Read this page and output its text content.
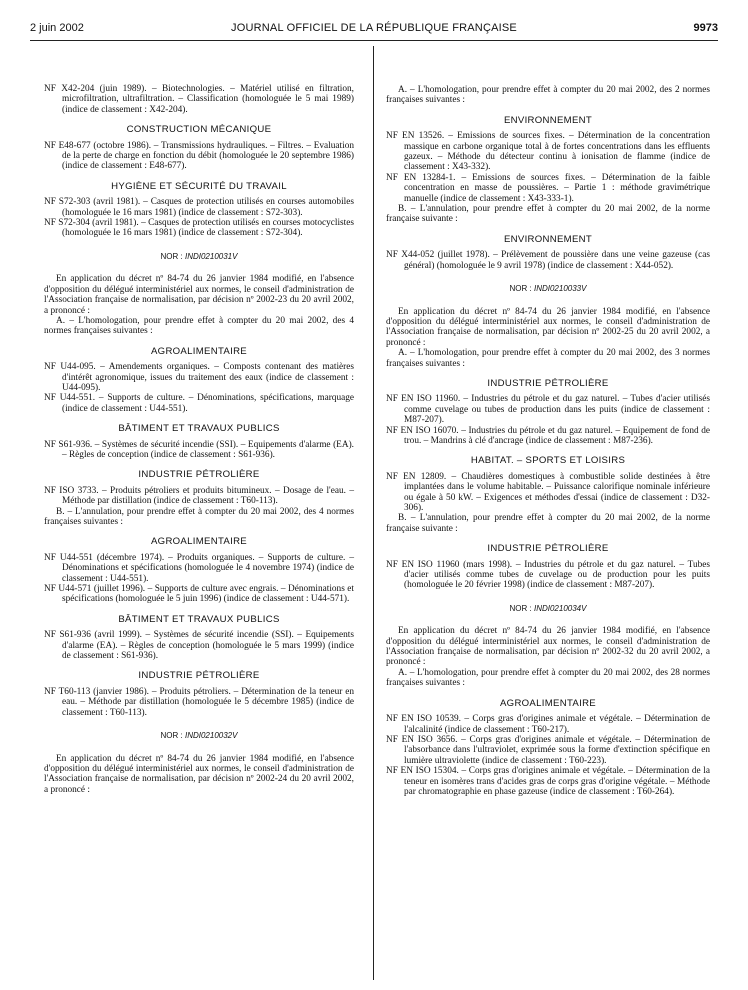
2 juin 2002	JOURNAL OFFICIEL DE LA RÉPUBLIQUE FRANÇAISE	9973

NF X42-204 (juin 1989). – Biotechnologies. – Matériel utilisé en filtration, microfiltration, ultrafiltration. – Classification (homologuée le 5 mai 1989) (indice de classement : X42-204).

CONSTRUCTION MÉCANIQUE

NF E48-677 (octobre 1986). – Transmissions hydrauliques. – Filtres. – Evaluation de la perte de charge en fonction du débit (homologuée le 20 septembre 1986) (indice de classement : E48-677).

HYGIÈNE ET SÉCURITÉ DU TRAVAIL

NF S72-303 (avril 1981). – Casques de protection utilisés en courses automobiles (homologuée le 16 mars 1981) (indice de classement : S72-303).

NF S72-304 (avril 1981). – Casques de protection utilisés en courses motocyclistes (homologuée le 16 mars 1981) (indice de classement : S72-304).

NOR : INDI0210031V

En application du décret nº 84-74 du 26 janvier 1984 modifié, en l'absence d'opposition du délégué interministériel aux normes, le conseil d'administration de l'Association française de normalisation, par décision nº 2002-23 du 20 avril 2002, a prononcé :

A. – L'homologation, pour prendre effet à compter du 20 mai 2002, des 4 normes françaises suivantes :

AGROALIMENTAIRE

NF U44-095. – Amendements organiques. – Composts contenant des matières d'intérêt agronomique, issues du traitement des eaux (indice de classement : U44-095).

NF U44-551. – Supports de culture. – Dénominations, spécifications, marquage (indice de classement : U44-551).

BÂTIMENT ET TRAVAUX PUBLICS

NF S61-936. – Systèmes de sécurité incendie (SSI). – Equipements d'alarme (EA). – Règles de conception (indice de classement : S61-936).

INDUSTRIE PÉTROLIÈRE

NF ISO 3733. – Produits pétroliers et produits bitumineux. – Dosage de l'eau. – Méthode par distillation (indice de classement : T60-113).

B. – L'annulation, pour prendre effet à compter du 20 mai 2002, des 4 normes françaises suivantes :

AGROALIMENTAIRE

NF U44-551 (décembre 1974). – Produits organiques. – Supports de culture. – Dénominations et spécifications (homologuée le 4 novembre 1974) (indice de classement : U44-551).

NF U44-571 (juillet 1996). – Supports de culture avec engrais. – Dénominations et spécifications (homologuée le 5 juin 1996) (indice de classement : U44-571).

BÂTIMENT ET TRAVAUX PUBLICS

NF S61-936 (avril 1999). – Systèmes de sécurité incendie (SSI). – Equipements d'alarme (EA). – Règles de conception (homologuée le 5 mars 1999) (indice de classement : S61-936).

INDUSTRIE PÉTROLIÈRE

NF T60-113 (janvier 1986). – Produits pétroliers. – Détermination de la teneur en eau. – Méthode par distillation (homologuée le 5 décembre 1985) (indice de classement : T60-113).

NOR : INDI0210032V

En application du décret nº 84-74 du 26 janvier 1984 modifié, en l'absence d'opposition du délégué interministériel aux normes, le conseil d'administration de l'Association française de normalisation, par décision nº 2002-24 du 20 avril 2002, a prononcé :

A. – L'homologation, pour prendre effet à compter du 20 mai 2002, des 2 normes françaises suivantes :

ENVIRONNEMENT

NF EN 13526. – Emissions de sources fixes. – Détermination de la concentration massique en carbone organique total à de fortes concentrations dans les effluents gazeux. – Méthode du détecteur continu à ionisation de flamme (indice de classement : X43-332).

NF EN 13284-1. – Emissions de sources fixes. – Détermination de la faible concentration en masse de poussières. – Partie 1 : méthode gravimétrique manuelle (indice de classement : X43-333-1).

B. – L'annulation, pour prendre effet à compter du 20 mai 2002, de la norme française suivante :

ENVIRONNEMENT

NF X44-052 (juillet 1978). – Prélèvement de poussière dans une veine gazeuse (cas général) (homologuée le 9 avril 1978) (indice de classement : X44-052).

NOR : INDI0210033V

En application du décret nº 84-74 du 26 janvier 1984 modifié, en l'absence d'opposition du délégué interministériel aux normes, le conseil d'administration de l'Association française de normalisation, par décision nº 2002-25 du 20 avril 2002, a prononcé :

A. – L'homologation, pour prendre effet à compter du 20 mai 2002, des 3 normes françaises suivantes :

INDUSTRIE PÉTROLIÈRE

NF EN ISO 11960. – Industries du pétrole et du gaz naturel. – Tubes d'acier utilisés comme cuvelage ou tubes de production dans les puits (indice de classement : M87-207).

NF EN ISO 16070. – Industries du pétrole et du gaz naturel. – Equipement de fond de trou. – Mandrins à clé d'ancrage (indice de classement : M87-236).

HABITAT. – SPORTS ET LOISIRS

NF EN 12809. – Chaudières domestiques à combustible solide destinées à être implantées dans le volume habitable. – Puissance calorifique nominale inférieure ou égale à 50 kW. – Exigences et méthodes d'essai (indice de classement : D32-306).

B. – L'annulation, pour prendre effet à compter du 20 mai 2002, de la norme française suivante :

INDUSTRIE PÉTROLIÈRE

NF EN ISO 11960 (mars 1998). – Industries du pétrole et du gaz naturel. – Tubes d'acier utilisés comme tubes de cuvelage ou de production pour les puits (homologuée le 20 février 1998) (indice de classement : M87-207).

NOR : INDI0210034V

En application du décret nº 84-74 du 26 janvier 1984 modifié, en l'absence d'opposition du délégué interministériel aux normes, le conseil d'administration de l'Association française de normalisation, par décision nº 2002-32 du 20 avril 2002, a prononcé :

A. – L'homologation, pour prendre effet à compter du 20 mai 2002, des 28 normes françaises suivantes :

AGROALIMENTAIRE

NF EN ISO 10539. – Corps gras d'origines animale et végétale. – Détermination de l'alcalinité (indice de classement : T60-217).

NF EN ISO 3656. – Corps gras d'origines animale et végétale. – Détermination de l'absorbance dans l'ultraviolet, exprimée sous la forme d'extinction spécifique en lumière ultraviolette (indice de classement : T60-223).

NF EN ISO 15304. – Corps gras d'origines animale et végétale. – Détermination de la teneur en isomères trans d'acides gras de corps gras d'origine végétale. – Méthode par chromatographie en phase gazeuse (indice de classement : T60-264).
